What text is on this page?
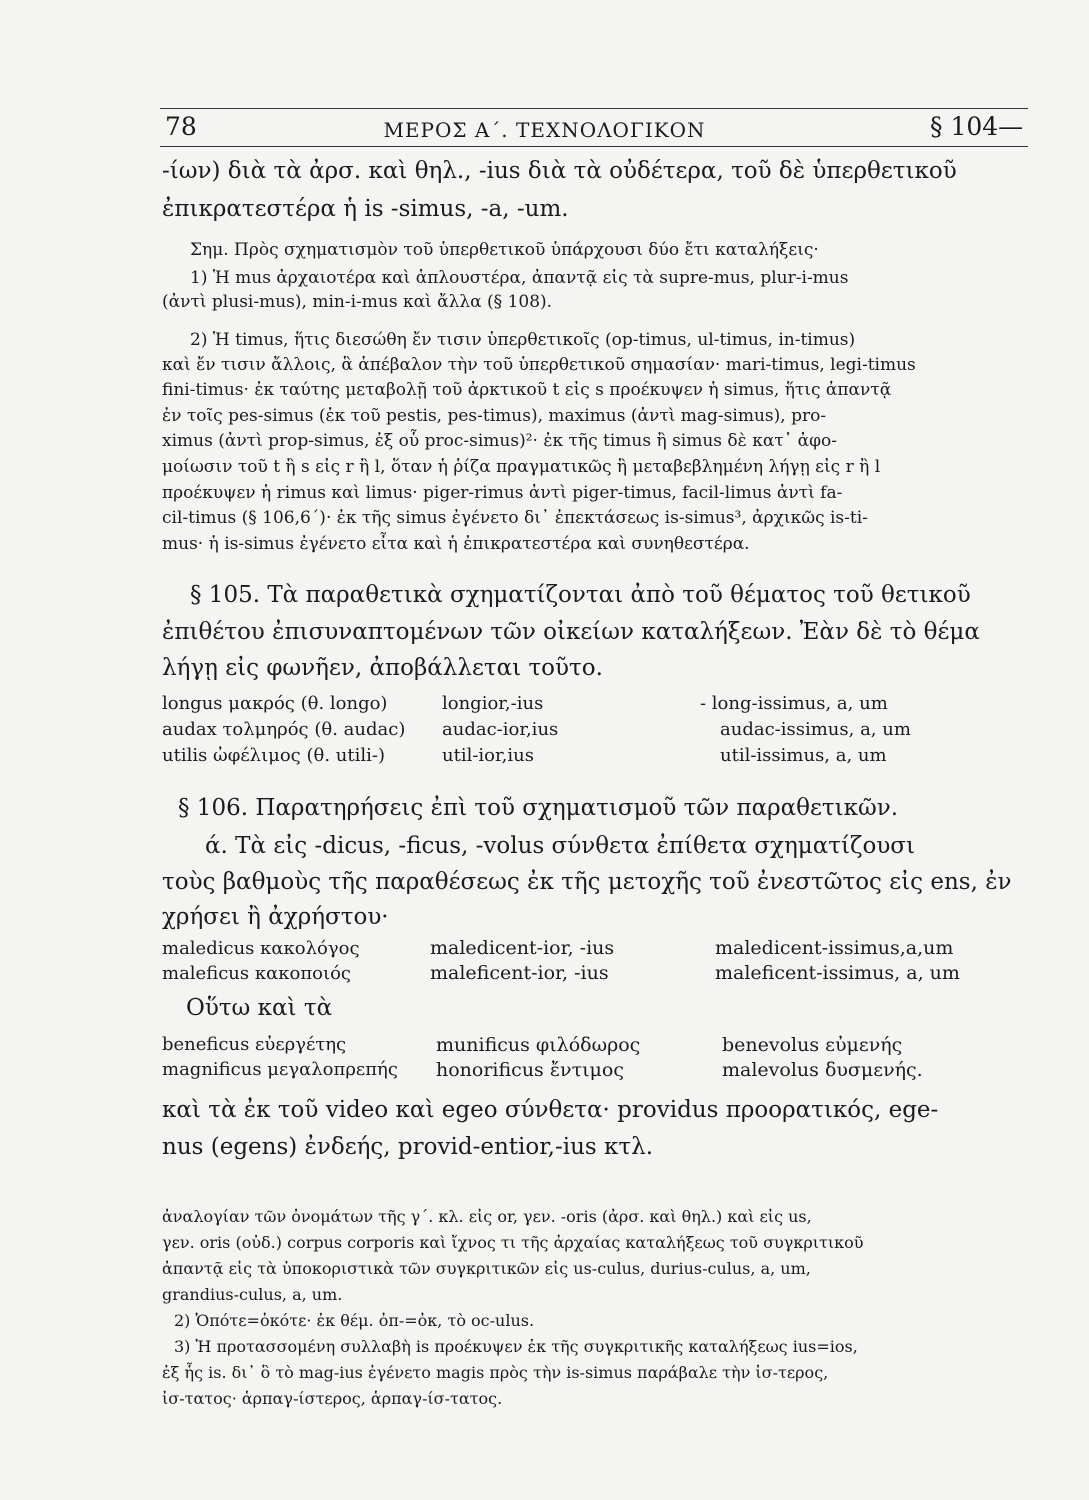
78	ΜΕΡΟΣ Α΄. ΤΕΧΝΟΛΟΓΙΚΟΝ	§ 104—
-ίων) διὰ τὰ ἀρσ. καὶ θηλ., -ius διὰ τὰ οὐδέτερα, τοῦ δὲ ὑπερθετικοῦ
ἐπικρατεστέρα ἡ is -simus, -a, -um.
Σημ. Πρὸς σχηματισμὸν τοῦ ὑπερθετικοῦ ὑπάρχουσι δύο ἔτι καταλήξεις·
1) Ἡ mus ἀρχαιοτέρα καὶ ἁπλουστέρα, ἀπαντᾷ εἰς τὰ supre-mus, plur-i-mus
(ἀντὶ plusi-mus), min-i-mus καὶ ἄλλα (§ 108).
2) Ἡ timus, ἥτις διεσώθη ἔν τισιν ὑπερθετικοῖς (op-timus, ul-timus, in-timus)
καὶ ἔν τισιν ἄλλοις, ἃ ἀπέβαλον τὴν τοῦ ὑπερθετικοῦ σημασίαν· mari-timus, legi-timus
fini-timus· ἐκ ταύτης μεταβολῇ τοῦ ἀρκτικοῦ t εἰς s προέκυψεν ἡ simus, ἥτις ἀπαντᾷ
ἐν τοῖς pes-simus (ἐκ τοῦ pestis, pes-timus), maximus (ἀντὶ mag-simus), pro-
ximus (ἀντὶ prop-simus, ἐξ οὗ proc-simus)²· ἐκ τῆς timus ἢ simus δὲ κατ᾽ ἀφο-
μοίωσιν τοῦ t ἢ s εἰς r ἢ l, ὅταν ἡ ῥίζα πραγματικῶς ἢ μεταβεβλημένη λήγῃ εἰς r ἢ l
προέκυψεν ἡ rimus καὶ limus· piger-rimus ἀντὶ piger-timus, facil-limus ἀντὶ fa-
cil-timus (§ 106,6΄)· ἐκ τῆς simus ἐγένετο δι᾽ ἐπεκτάσεως is-simus³, ἀρχικῶς is-ti-
mus· ἡ is-simus ἐγένετο εἶτα καὶ ἡ ἐπικρατεστέρα καὶ συνηθεστέρα.
§ 105. Τὰ παραθετικὰ σχηματίζονται ἀπὸ τοῦ θέματος τοῦ θετικοῦ
ἐπιθέτου ἐπισυναπτομένων τῶν οἰκείων καταλήξεων. Ἐὰν δὲ τὸ θέμα
λήγῃ εἰς φωνῆεν, ἀποβάλλεται τοῦτο.
longus μακρός (θ. longo)	longior,-ius	- long-issimus, a, um
audax τολμηρός (θ. audac) audac-ior,ius	audac-issimus, a, um
utilis ὠφέλιμος (θ. utili-)	util-ior,ius	util-issimus, a, um
§ 106. Παρατηρήσεις ἐπὶ τοῦ σχηματισμοῦ τῶν παραθετικῶν.
ά. Τὰ εἰς -dicus, -ficus, -volus σύνθετα ἐπίθετα σχηματίζουσι
τοὺς βαθμοὺς τῆς παραθέσεως ἐκ τῆς μετοχῆς τοῦ ἐνεστῶτος εἰς ens, ἐν
χρήσει ἢ ἀχρήστου·
maledicus κακολόγος	maledicent-ior, -ius	maledicent-issimus,a,um
maleficus κακοποιός	maleficent-ior, -ius	maleficent-issimus, a, um
Οὕτω καὶ τὰ
beneficus εὐεργέτης	munificus φιλόδωρος	benevolus εὐμενής
magnificus μεγαλοπρεπής honorificus ἔντιμος	malevolus δυσμενής.
καὶ τὰ ἐκ τοῦ video καὶ egeo σύνθετα· providus προορατικός, ege-
nus (egens) ἐνδεής, provid-entior,-ius κτλ.
ἀναλογίαν τῶν ὀνομάτων τῆς γ΄. κλ. εἰς or, γεν. -oris (ἀρσ. καὶ θηλ.) καὶ εἰς us,
γεν. oris (οὐδ.) corpus corporis καὶ ἴχνος τι τῆς ἀρχαίας καταλήξεως τοῦ συγκριτικοῦ
ἀπαντᾷ εἰς τὰ ὑποκοριστικὰ τῶν συγκριτικῶν εἰς us-culus, durius-culus, a, um,
grandius-culus, a, um.
2) Ὁπότε=ὁκότε· ἐκ θέμ. ὀπ-=ὀκ, τὸ oc-ulus.
3) Ἡ προτασσομένη συλλαβὴ is προέκυψεν ἐκ τῆς συγκριτικῆς καταλήξεως ius=ios,
ἐξ ἧς is. δι᾽ ὃ τὸ mag-ius ἐγένετο magis πρὸς τὴν is-simus παράβαλε τὴν ἰσ-τερος,
ἰσ-τατος· ἁρπαγ-ίστερος, ἁρπαγ-ίσ-τατος.
